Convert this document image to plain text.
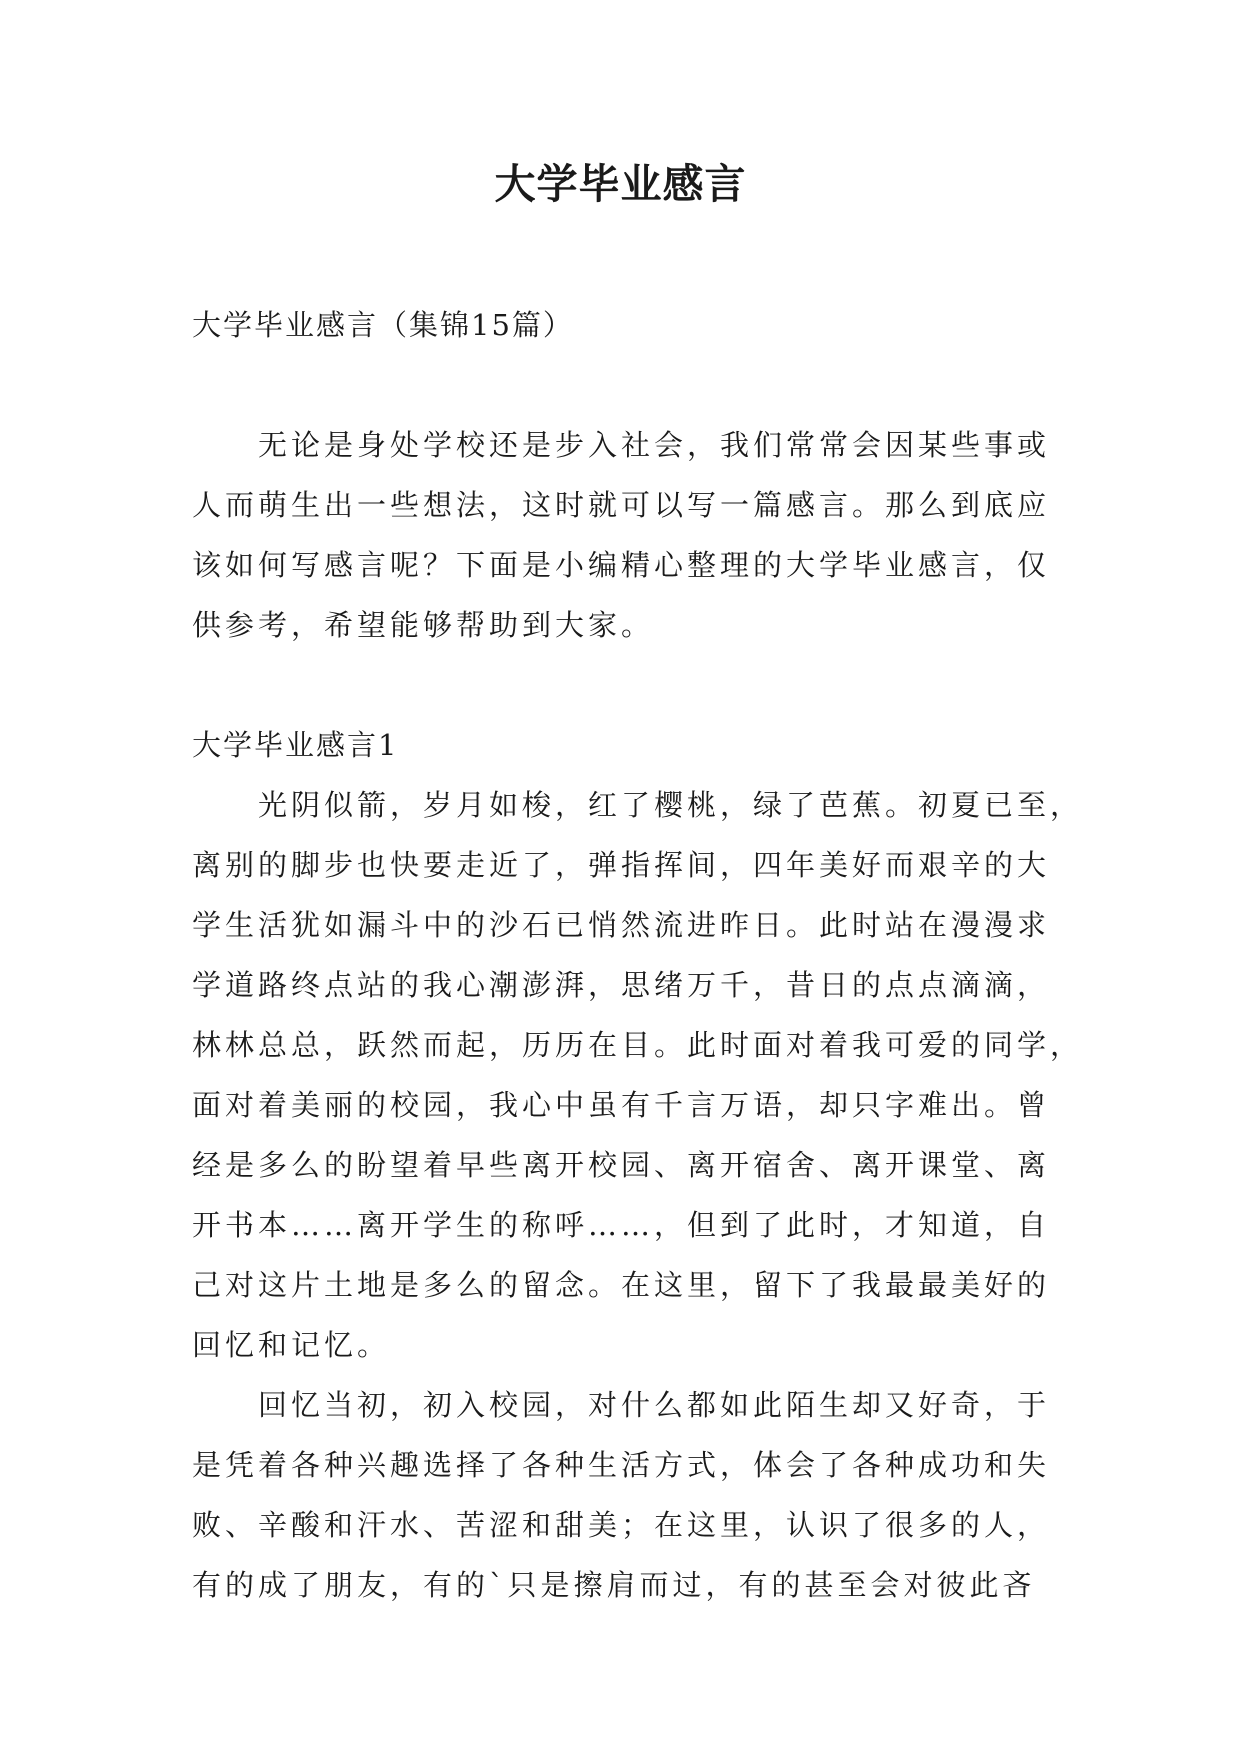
大学毕业感言
大学毕业感言（集锦15篇）
无论是身处学校还是步入社会，我们常常会因某些事或
人而萌生出一些想法，这时就可以写一篇感言。那么到底应
该如何写感言呢？下面是小编精心整理的大学毕业感言，仅
供参考，希望能够帮助到大家。
大学毕业感言1
光阴似箭，岁月如梭，红了樱桃，绿了芭蕉。初夏已至，
离别的脚步也快要走近了，弹指挥间，四年美好而艰辛的大
学生活犹如漏斗中的沙石已悄然流进昨日。此时站在漫漫求
学道路终点站的我心潮澎湃，思绪万千，昔日的点点滴滴，
林林总总，跃然而起，历历在目。此时面对着我可爱的同学，
面对着美丽的校园，我心中虽有千言万语，却只字难出。曾
经是多么的盼望着早些离开校园、离开宿舍、离开课堂、离
开书本……离开学生的称呼……，但到了此时，才知道，自
己对这片土地是多么的留念。在这里，留下了我最最美好的
回忆和记忆。
回忆当初，初入校园，对什么都如此陌生却又好奇，于
是凭着各种兴趣选择了各种生活方式，体会了各种成功和失
败、辛酸和汗水、苦涩和甜美；在这里，认识了很多的人，
有的成了朋友，有的`只是擦肩而过，有的甚至会对彼此吝
